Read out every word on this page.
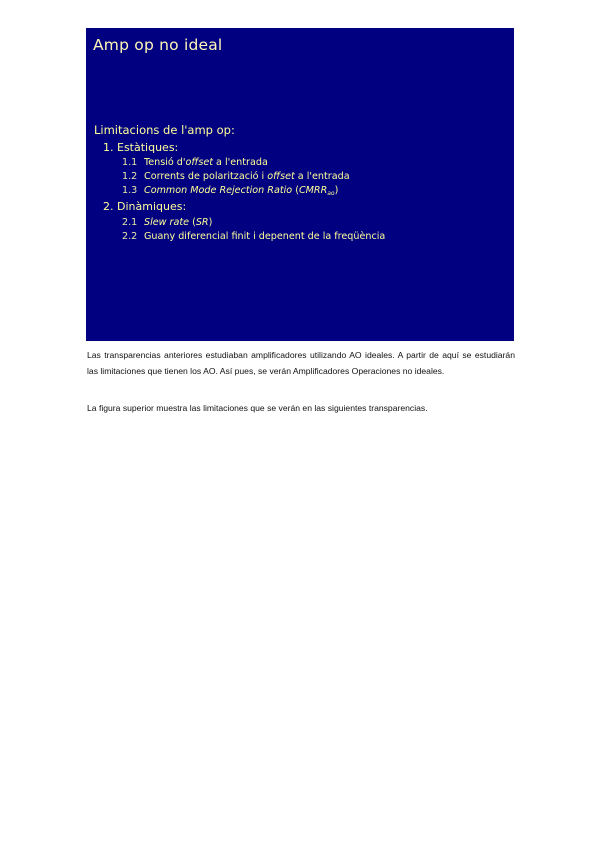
Amp op no ideal
Limitacions de l'amp op:
1. Estàtiques:
1.1 Tensió d'offset a l'entrada
1.2 Corrents de polarització i offset a l'entrada
1.3 Common Mode Rejection Ratio $(CMRR_{ao})$
2. Dinàmiques:
2.1 Slew rate (SR)
2.2 Guany diferencial finit i depenent de la freqüència

Las transparencias anteriores estudiaban amplificadores utilizando AO ideales. A partir de aquí se estudiarán las limitaciones que tienen los AO. Así pues, se verán Amplificadores Operaciones no ideales.

La figura superior muestra las limitaciones que se verán en las siguientes transparencias.
